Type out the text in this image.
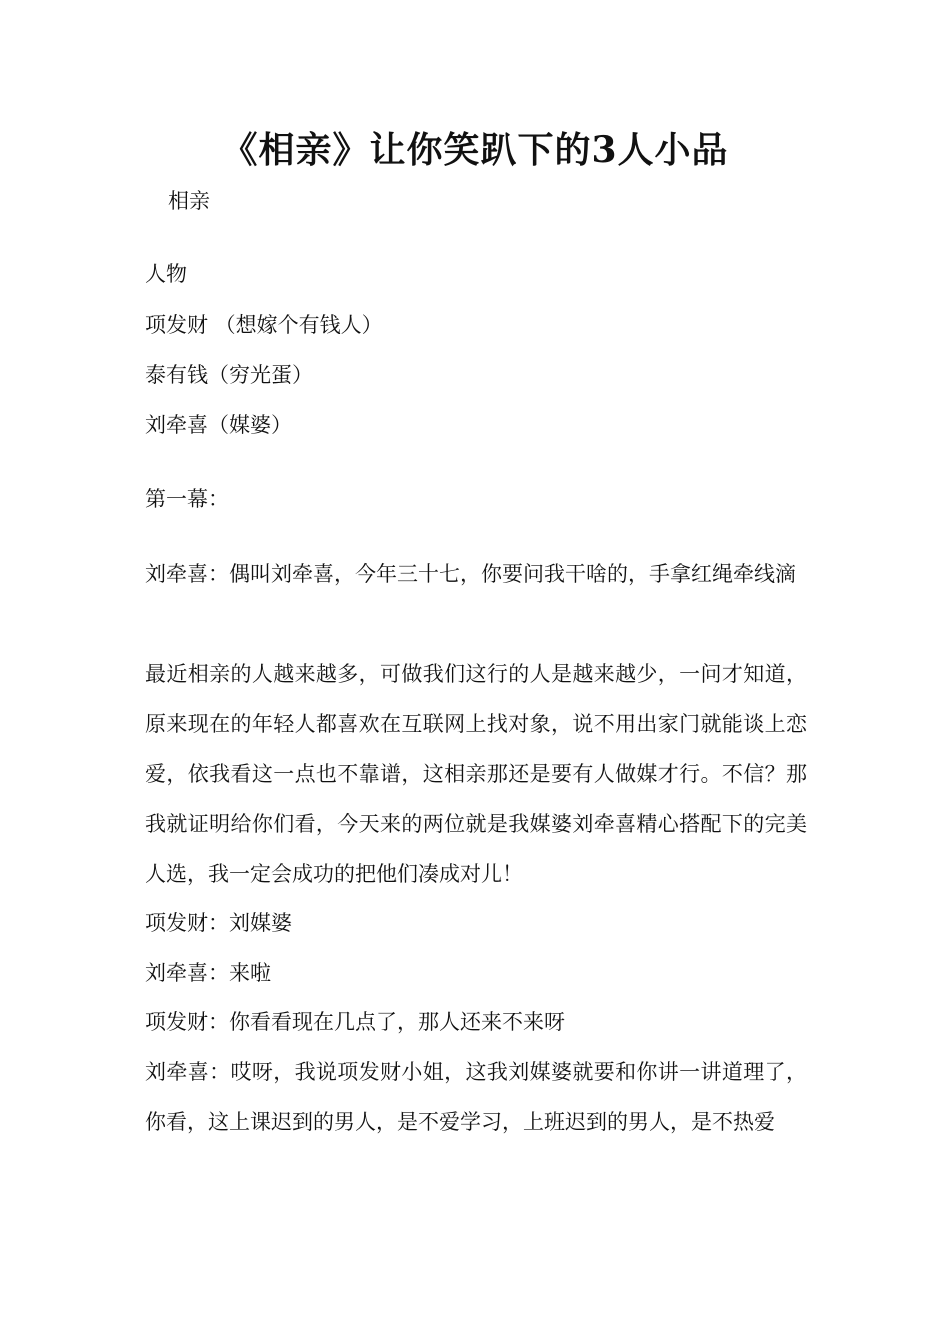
《相亲》让你笑趴下的3人小品

相亲

人物

项发财 （想嫁个有钱人）

泰有钱（穷光蛋）

刘牵喜（媒婆）

第一幕：

刘牵喜：偶叫刘牵喜，今年三十七，你要问我干啥的，手拿红绳牵线滴

最近相亲的人越来越多，可做我们这行的人是越来越少，一问才知道，原来现在的年轻人都喜欢在互联网上找对象，说不用出家门就能谈上恋爱，依我看这一点也不靠谱，这相亲那还是要有人做媒才行。不信？那我就证明给你们看，今天来的两位就是我媒婆刘牵喜精心搭配下的完美人选，我一定会成功的把他们凑成对儿！

项发财：刘媒婆

刘牵喜：来啦

项发财：你看看现在几点了，那人还来不来呀

刘牵喜：哎呀，我说项发财小姐，这我刘媒婆就要和你讲一讲道理了，你看，这上课迟到的男人，是不爱学习，上班迟到的男人，是不热爱
